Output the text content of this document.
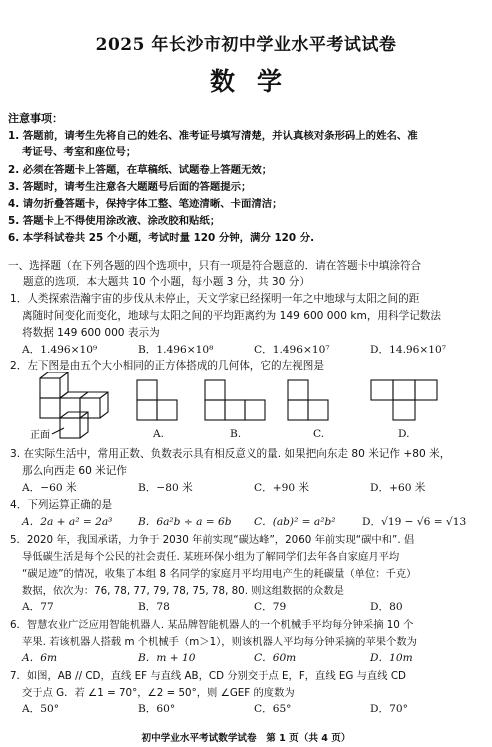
2025 年长沙市初中学业水平考试试卷
数学
注意事项：
1. 答题前，请考生先将自己的姓名、准考证号填写清楚，并认真核对条形码上的姓名、准
考证号、考室和座位号；
2. 必须在答题卡上答题，在草稿纸、试题卷上答题无效；
3. 答题时，请考生注意各大题题号后面的答题提示；
4. 请勿折叠答题卡，保持字体工整、笔迹清晰、卡面清洁；
5. 答题卡上不得使用涂改液、涂改胶和贴纸；
6. 本学科试卷共 25 个小题，考试时量 120 分钟，满分 120 分.
一、选择题（在下列各题的四个选项中，只有一项是符合题意的．请在答题卡中填涂符合
题意的选项．本大题共 10 个小题，每小题 3 分，共 30 分）
1．人类探索浩瀚宇宙的步伐从未停止，天文学家已经探明一年之中地球与太阳之间的距
离随时间变化而变化，地球与太阳之间的平均距离约为 149 600 000 km，用科学记数法
将数据 149 600 000 表示为
A．1.496×10⁹	B．1.496×10⁸	C．1.496×10⁷	D．14.96×10⁷
2．左下图是由五个大小相同的正方体搭成的几何体，它的左视图是
正面	A.	B.	C.	D.
3. 在实际生活中，常用正数、负数表示具有相反意义的量. 如果把向东走 80 米记作 +80 米，
那么向西走 60 米记作
A．−60 米	B．−80 米	C．+90 米	D．+60 米
4．下列运算正确的是
A．2a + a² = 2a³ B．6a²b ÷ a = 6b C．(ab)² = a²b² D．√19 − √6 = √13
5．2020 年，我国承诺，力争于 2030 年前实现“碳达峰”，2060 年前实现“碳中和”. 倡
导低碳生活是每个公民的社会责任. 某班环保小组为了解同学们去年各自家庭月平均
“碳足迹”的情况，收集了本组 8 名同学的家庭月平均用电产生的耗碳量（单位：千克）
数据，依次为：76, 78, 77, 79, 78, 75, 78, 80. 则这组数据的众数是
A．77	B．78	C．79	D．80
6．智慧农业广泛应用智能机器人. 某品牌智能机器人的一个机械手平均每分钟采摘 10 个
苹果. 若该机器人搭载 m 个机械手（m＞1），则该机器人平均每分钟采摘的苹果个数为
A．6m	B．m + 10	C．60m	D．10m
7．如图，AB // CD，直线 EF 与直线 AB，CD 分别交于点 E，F，直线 EG 与直线 CD
交于点 G．若 ∠1 = 70°，∠2 = 50°，则 ∠GEF 的度数为
A．50°	B．60°	C．65°	D．70°
初中学业水平考试数学试卷　第 1 页（共 4 页）
